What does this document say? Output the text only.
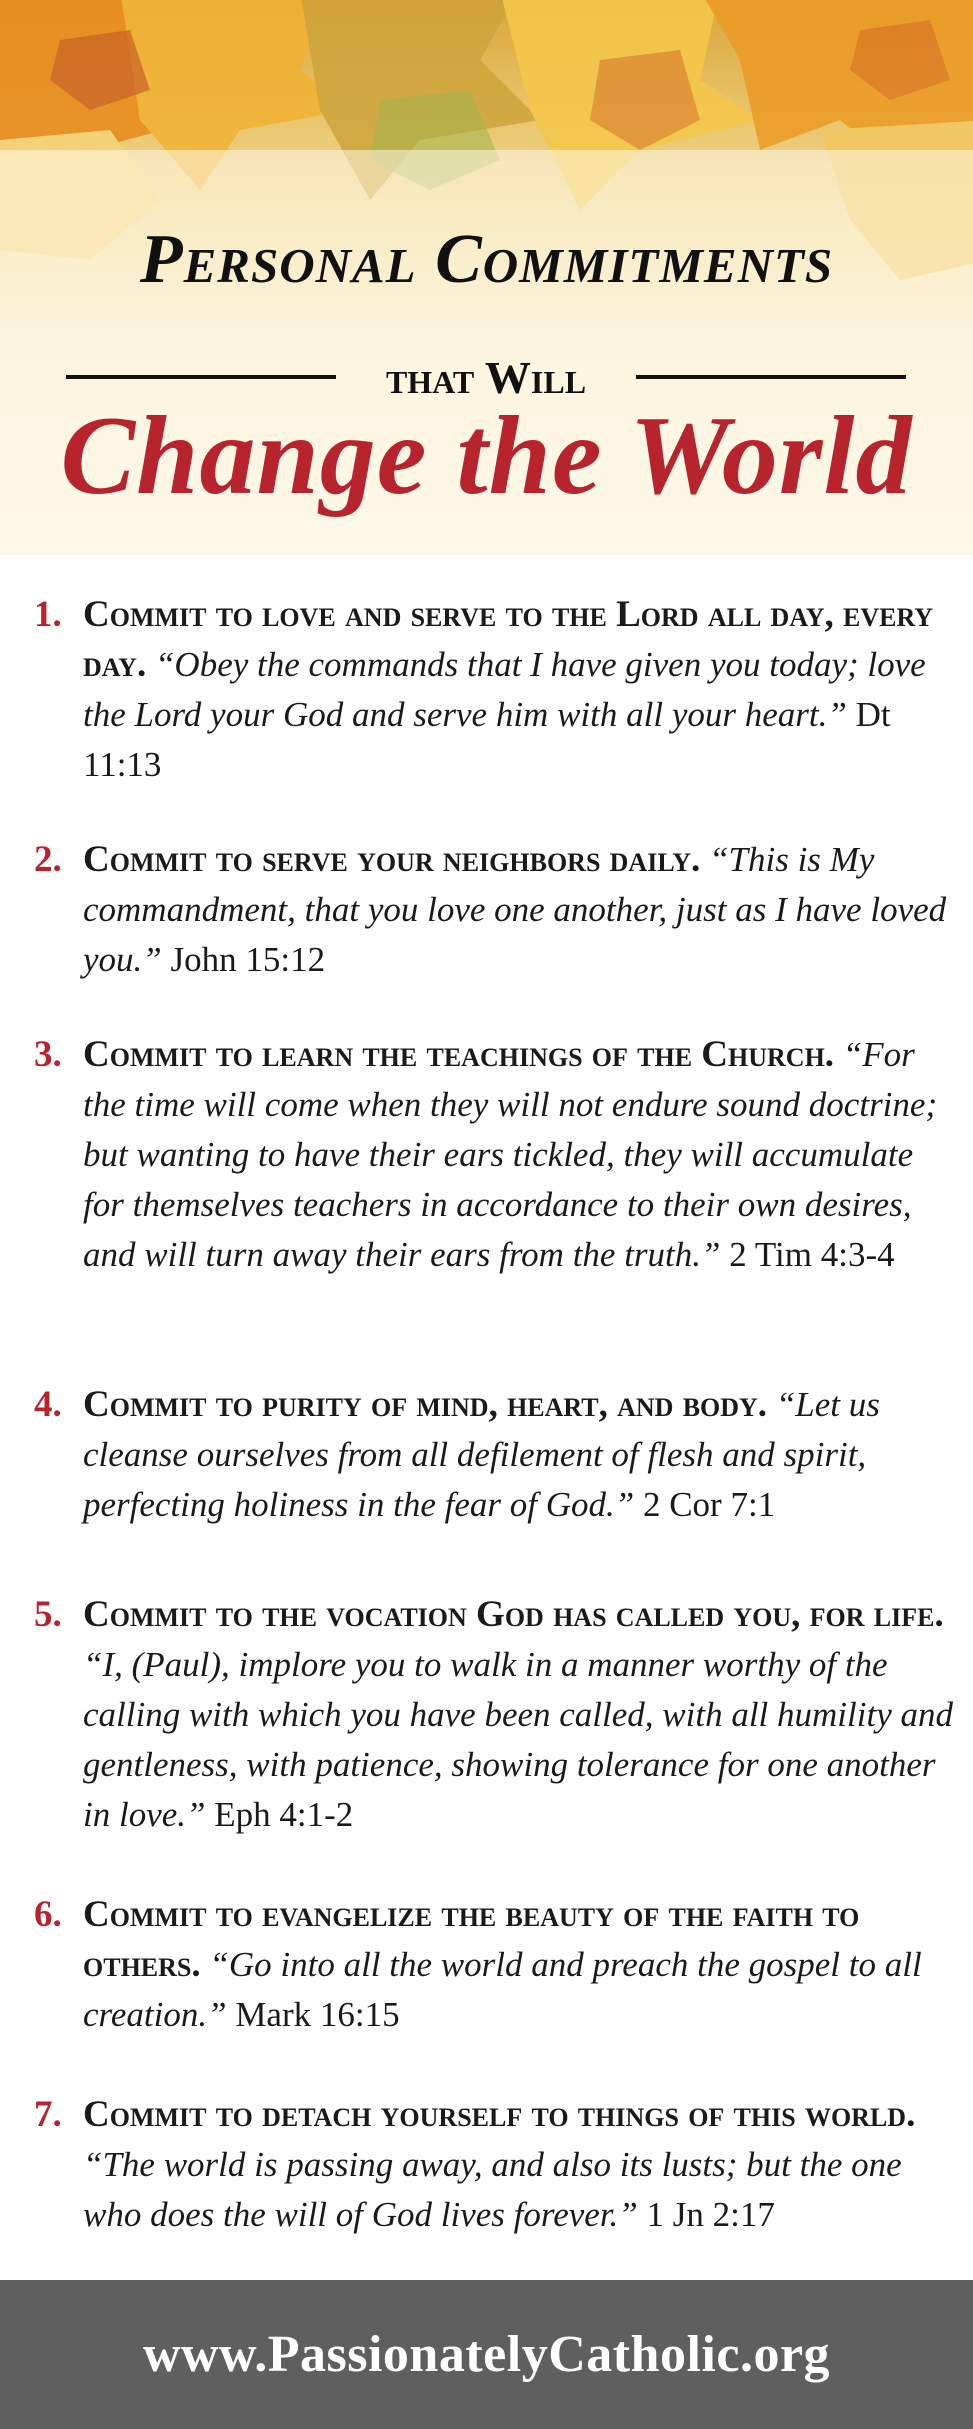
Personal Commitments
that Will
Change the World
1. Commit to love and serve to the Lord all day, every day. “Obey the commands that I have given you today; love the Lord your God and serve him with all your heart.” Dt 11:13
2. Commit to serve your neighbors daily. “This is My commandment, that you love one another, just as I have loved you.” John 15:12
3. Commit to learn the teachings of the Church. “For the time will come when they will not endure sound doctrine; but wanting to have their ears tickled, they will accumulate for themselves teachers in accordance to their own desires, and will turn away their ears from the truth.” 2 Tim 4:3-4
4. Commit to purity of mind, heart, and body. “Let us cleanse ourselves from all defilement of flesh and spirit, perfecting holiness in the fear of God.” 2 Cor 7:1
5. Commit to the vocation God has called you, for life. “I, (Paul), implore you to walk in a manner worthy of the calling with which you have been called, with all humility and gentleness, with patience, showing tolerance for one another in love.” Eph 4:1-2
6. Commit to evangelize the beauty of the faith to others. “Go into all the world and preach the gospel to all creation.” Mark 16:15
7. Commit to detach yourself to things of this world. “The world is passing away, and also its lusts; but the one who does the will of God lives forever.” 1 Jn 2:17
www.PassionatelyCatholic.org
